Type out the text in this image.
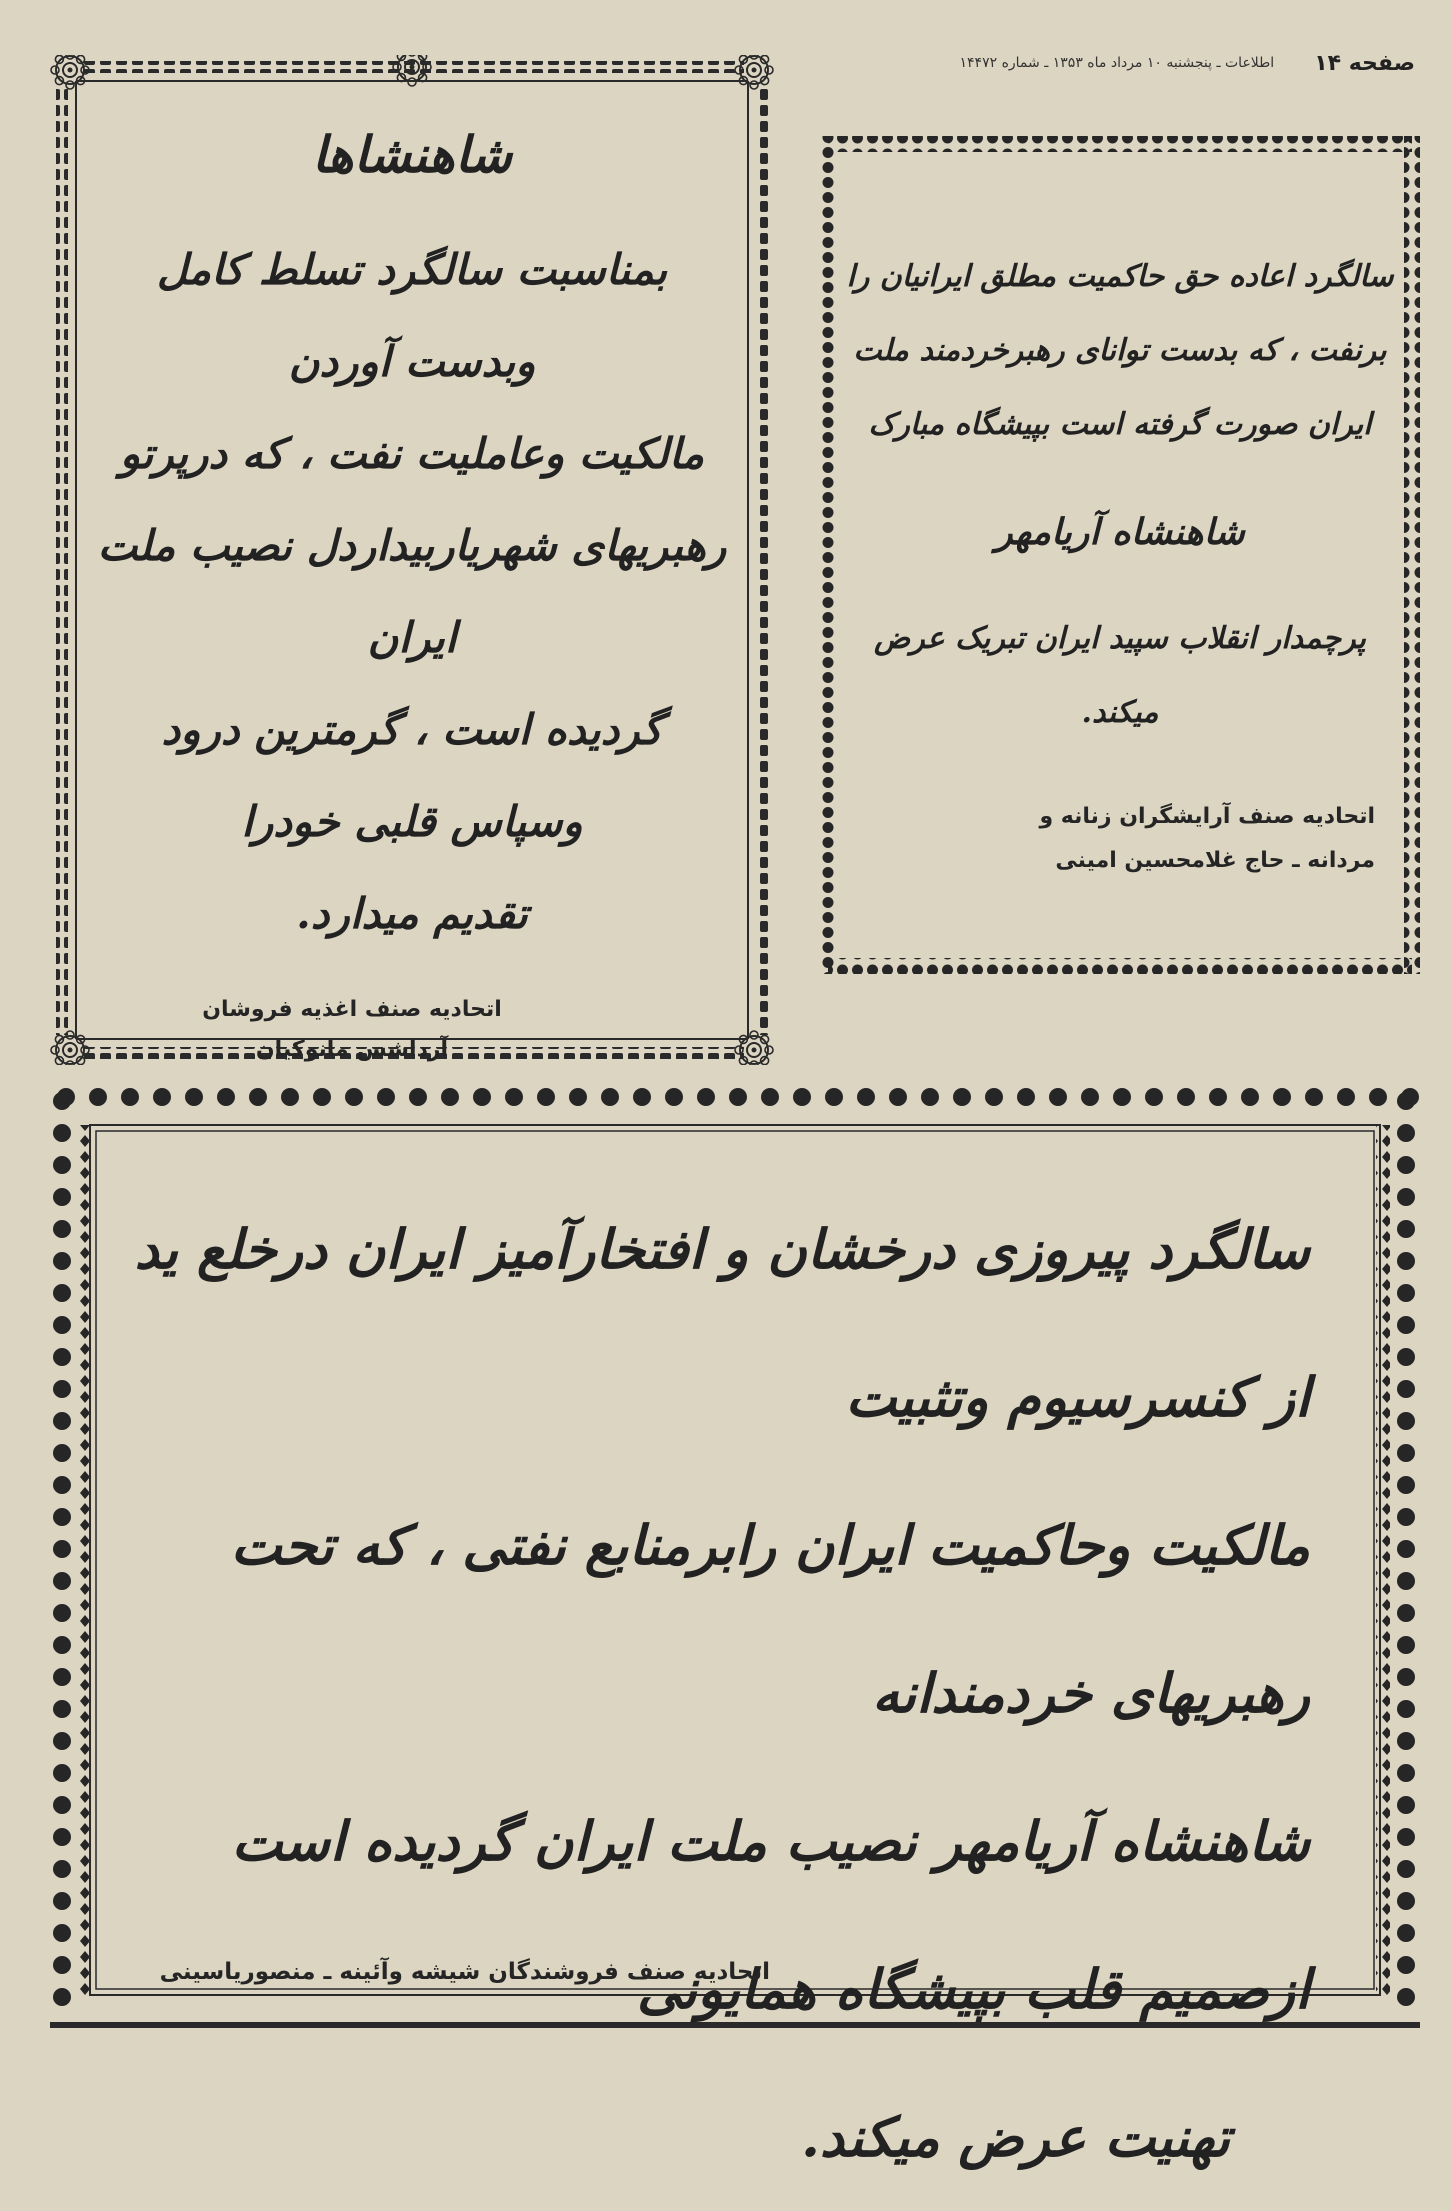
صفحه ۱۴
اطلاعات ـ پنجشنبه ۱۰ مرداد ماه ۱۳۵۳ ـ شماره ۱۴۴۷۲
شاهنشاها
بمناسبت سالگرد تسلط کامل وبدست آوردن
مالکیت وعاملیت نفت ، که درپرتو
رهبریهای شهریاربیداردل نصیب ملت ایران
گردیده است ، گرمترین درود وسپاس قلبی خودرا
تقدیم میدارد.
اتحادیه صنف اغذیه فروشان
آرداشس مانوکیان
سالگرد اعاده حق حاکمیت مطلق ایرانیان را
برنفت ، که بدست توانای رهبرخردمند ملت
ایران صورت گرفته است بپیشگاه مبارک
شاهنشاه آریامهر
پرچمدار انقلاب سپید ایران تبریک عرض میکند.
اتحادیه صنف آرایشگران زنانه و
مردانه ـ حاج غلامحسین امینی
سالگرد پیروزی درخشان و افتخارآمیز ایران درخلع ید از کنسرسیوم وتثبیت
مالکیت وحاکمیت ایران رابرمنابع نفتی ، که تحت رهبریهای خردمندانه
شاهنشاه آریامهر نصیب ملت ایران گردیده است ازصمیم قلب بپیشگاه همایونی
تهنیت عرض میکند.
اتحادیه صنف فروشندگان شیشه وآئینه ـ منصوریاسینی
